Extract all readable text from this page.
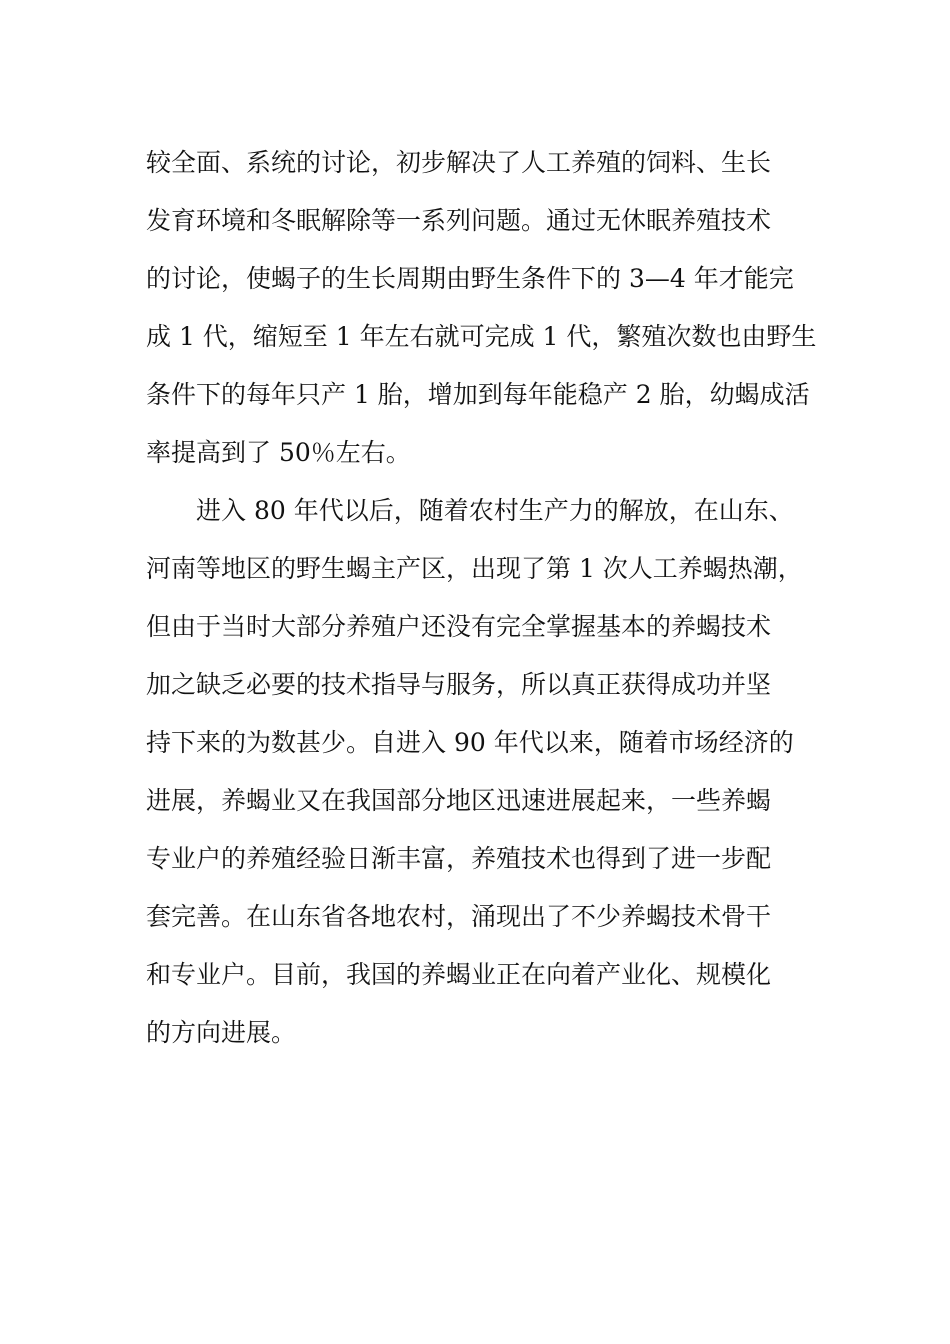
较全面、系统的讨论，初步解决了人工养殖的饲料、生长
发育环境和冬眠解除等一系列问题。通过无休眠养殖技术
的讨论，使蝎子的生长周期由野生条件下的 3—4 年才能完
成 1 代，缩短至 1 年左右就可完成 1 代，繁殖次数也由野生
条件下的每年只产 1 胎，增加到每年能稳产 2 胎，幼蝎成活
率提高到了 50％左右。
进入 80 年代以后，随着农村生产力的解放，在山东、
河南等地区的野生蝎主产区，出现了第 1 次人工养蝎热潮，
但由于当时大部分养殖户还没有完全掌握基本的养蝎技术
加之缺乏必要的技术指导与服务，所以真正获得成功并坚
持下来的为数甚少。自进入 90 年代以来，随着市场经济的
进展，养蝎业又在我国部分地区迅速进展起来，一些养蝎
专业户的养殖经验日渐丰富，养殖技术也得到了进一步配
套完善。在山东省各地农村，涌现出了不少养蝎技术骨干
和专业户。目前，我国的养蝎业正在向着产业化、规模化
的方向进展。
